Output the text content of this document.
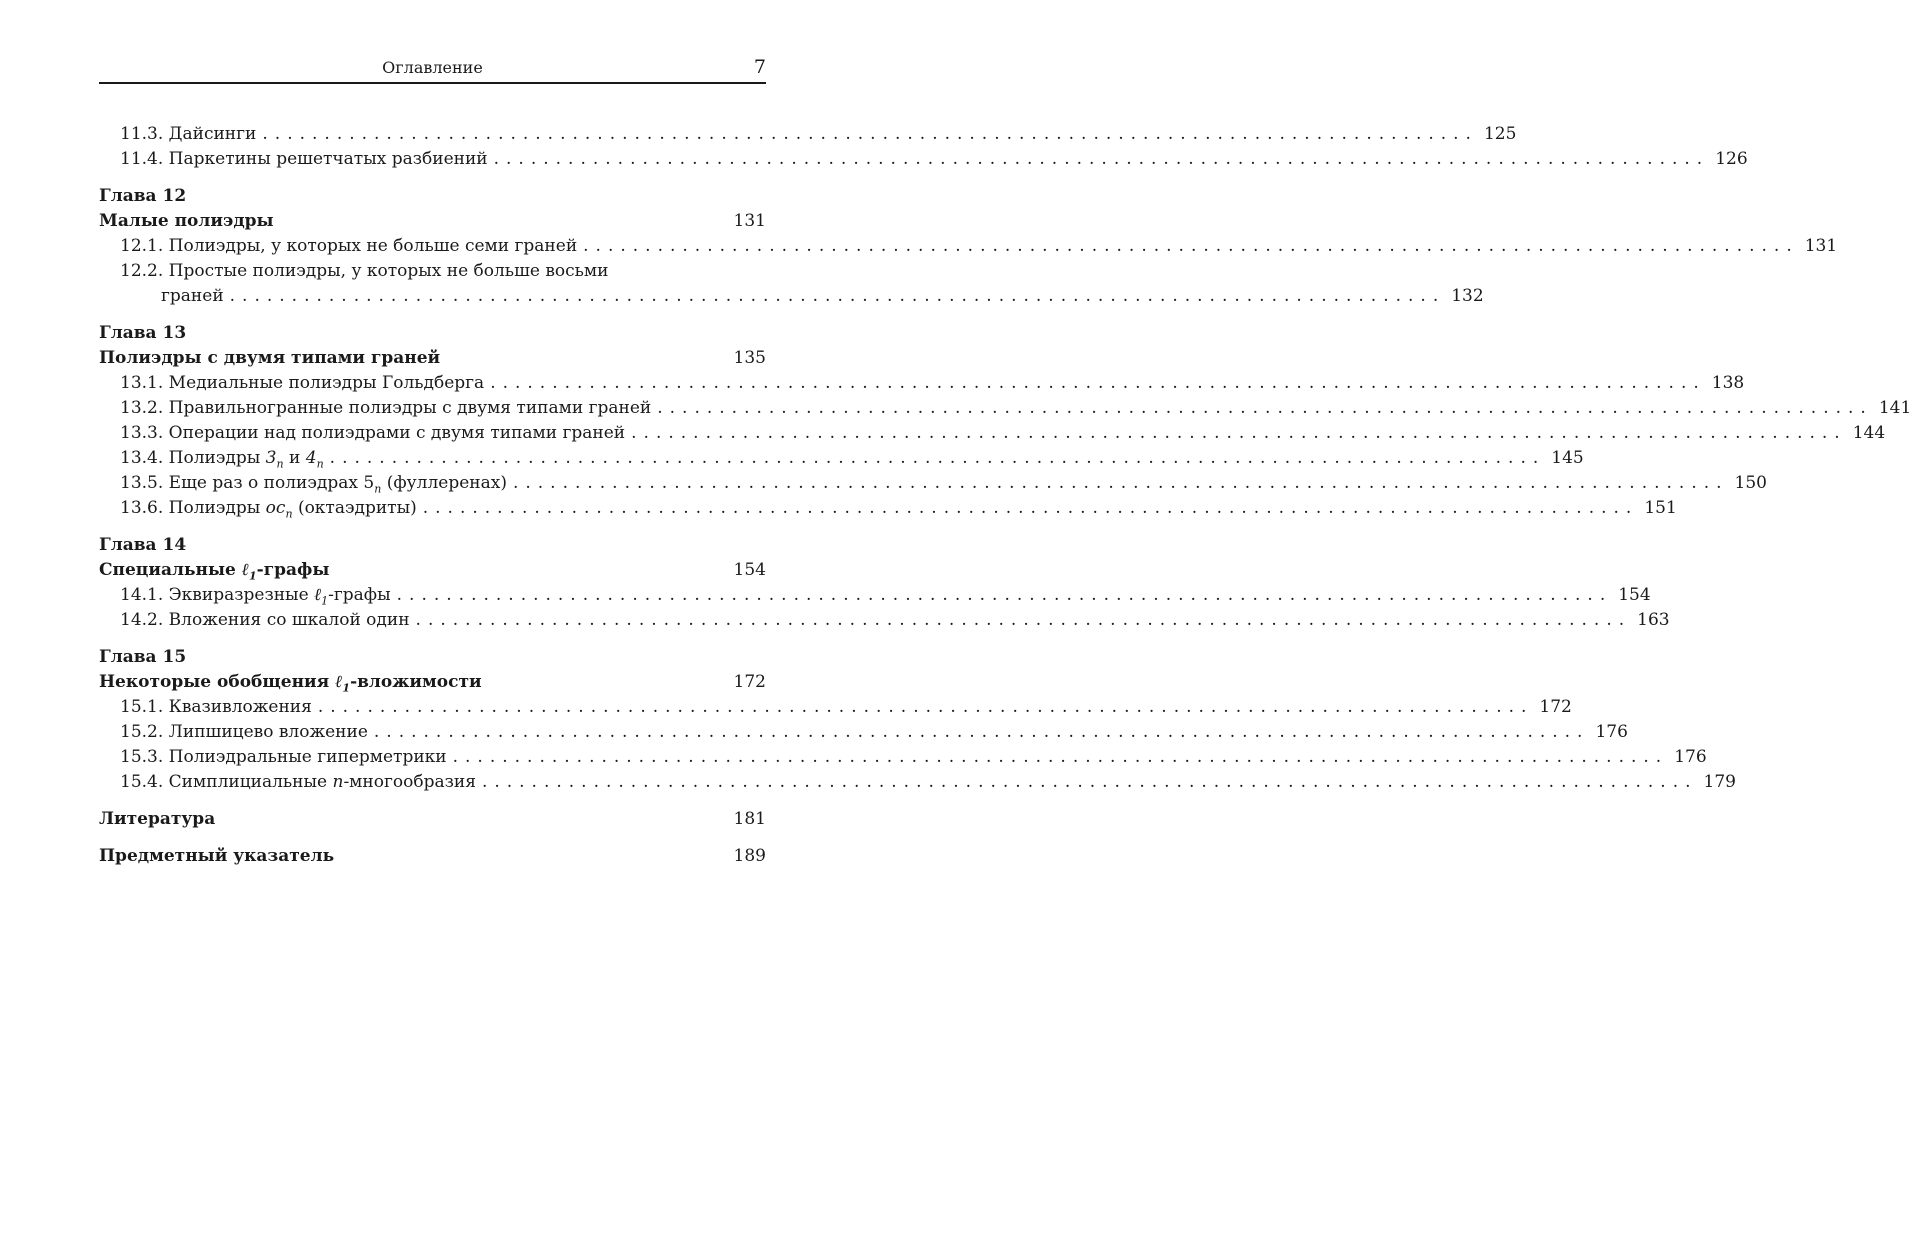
Оглавление	7
11.3. Дайсинги .................................................................................................. 125
11.4. Паркетины решетчатых разбиений .................................................................................................. 126
Глава 12
Малые полиэдры	131
12.1. Полиэдры, у которых не больше семи граней .................................................................................................. 131
12.2. Простые полиэдры, у которых не больше восьми
граней .................................................................................................. 132
Глава 13
Полиэдры с двумя типами граней	135
13.1. Медиальные полиэдры Гольдберга .................................................................................................. 138
13.2. Правильногранные полиэдры с двумя типами граней .................................................................................................. 141
13.3. Операции над полиэдрами с двумя типами граней .................................................................................................. 144
13.4. Полиэдры $3_n$ и $4_n$ .................................................................................................. 145
13.5. Еще раз о полиэдрах $5_n$ (фуллеренах) .................................................................................................. 150
13.6. Полиэдры $oc_n$ (октаэдриты) .................................................................................................. 151
Глава 14
Специальные ℓ$_1$-графы	154
14.1. Эквиразрезные ℓ$_1$-графы .................................................................................................. 154
14.2. Вложения со шкалой один .................................................................................................. 163
Глава 15
Некоторые обобщения ℓ$_1$-вложимости	172
15.1. Квазивложения .................................................................................................. 172
15.2. Липшицево вложение .................................................................................................. 176
15.3. Полиэдральные гиперметрики .................................................................................................. 176
15.4. Симплициальные n-многообразия .................................................................................................. 179
Литература	181
Предметный указатель	189
